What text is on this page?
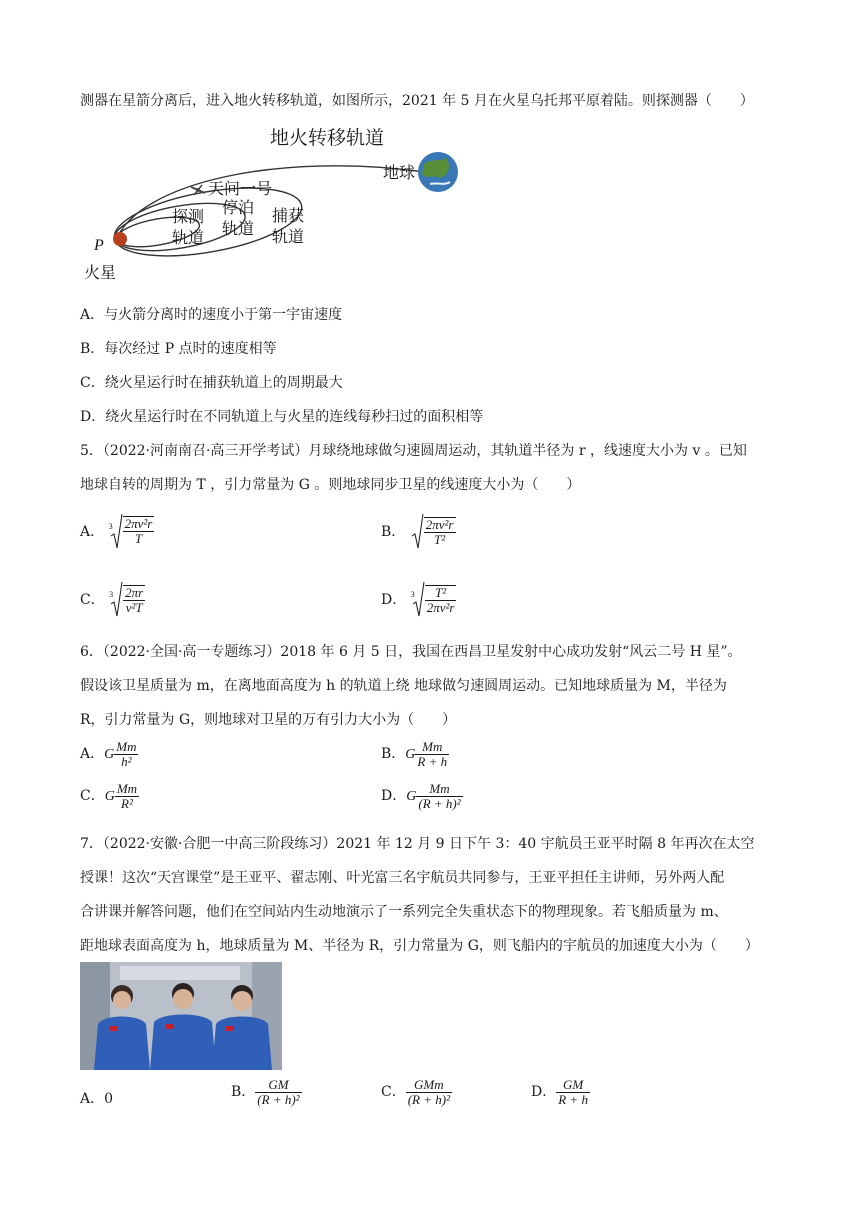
测器在星箭分离后，进入地火转移轨道，如图所示，2021 年 5 月在火星乌托邦平原着陆。则探测器（　　）
地火转移轨道
地球
天问一号
探测
轨道
停泊
轨道
捕获
轨道
P
火星
A．与火箭分离时的速度小于第一宇宙速度
B．每次经过 P 点时的速度相等
C．绕火星运行时在捕获轨道上的周期最大
D．绕火星运行时在不同轨道上与火星的连线每秒扫过的面积相等
5．（2022·河南南召·高三开学考试）月球绕地球做匀速圆周运动，其轨道半径为 r ，线速度大小为 v 。已知
地球自转的周期为 T ，引力常量为 G 。则地球同步卫星的线速度大小为（　　）
A． $3 \frac{\text{2πv²r}}{T}$	B． $\frac{\text{2πv²r}}{\text{T²}}$
C． $3 \frac{2\pi r}{\text{v²T}}$	D． $3 \frac{\text{T²}}{\text{2πv²r}}$
6．（2022·全国·高一专题练习）2018 年 6 月 5 日，我国在西昌卫星发射中心成功发射“风云二号 H 星”。
假设该卫星质量为 m，在离地面高度为 h 的轨道上绕 地球做匀速圆周运动。已知地球质量为 M，半径为
R，引力常量为 G，则地球对卫星的万有引力大小为（　　）
A．G $\frac{Mm}{\text{h²}}$	B．G $\frac{Mm}{R + h}$
C．G $\frac{Mm}{\text{R²}}$	D．G $\frac{Mm}{\text{(R + h)²}}$
7．（2022·安徽·合肥一中高三阶段练习）2021 年 12 月 9 日下午 3：40 宇航员王亚平时隔 8 年再次在太空
授课！这次“天宫课堂”是王亚平、翟志刚、叶光富三名宇航员共同参与，王亚平担任主讲师，另外两人配
合讲课并解答问题，他们在空间站内生动地演示了一系列完全失重状态下的物理现象。若飞船质量为 m、
距地球表面高度为 h，地球质量为 M、半径为 R，引力常量为 G，则飞船内的宇航员的加速度大小为（　　）
A．0	B． $\frac{GM}{\text{(R + h)²}}$	C． $\frac{\text{GMm}}{\text{(R + h)²}}$	D． $\frac{GM}{R + h}$
